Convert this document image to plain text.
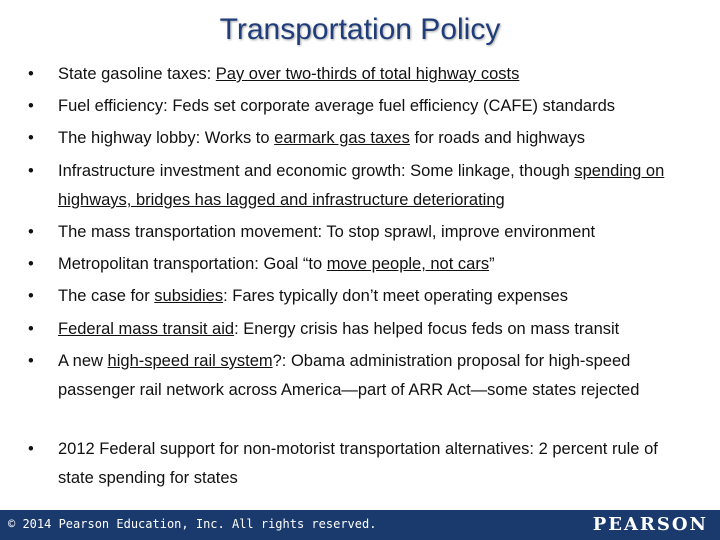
Transportation Policy
•	State gasoline taxes: Pay over two-thirds of total highway costs
•	Fuel efficiency: Feds set corporate average fuel efficiency (CAFE) standards
•	The highway lobby: Works to earmark gas taxes for roads and highways
•	Infrastructure investment and economic growth: Some linkage, though spending on highways, bridges has lagged and infrastructure deteriorating
•	The mass transportation movement: To stop sprawl, improve environment
•	Metropolitan transportation: Goal “to move people, not cars”
•	The case for subsidies: Fares typically don’t meet operating expenses
•	Federal mass transit aid: Energy crisis has helped focus feds on mass transit
•	A new high-speed rail system?: Obama administration proposal for high-speed passenger rail network across America—part of ARR Act—some states rejected
•	2012 Federal support for non-motorist transportation alternatives: 2 percent rule of state spending for states
© 2014 Pearson Education, Inc. All rights reserved.	PEARSON
